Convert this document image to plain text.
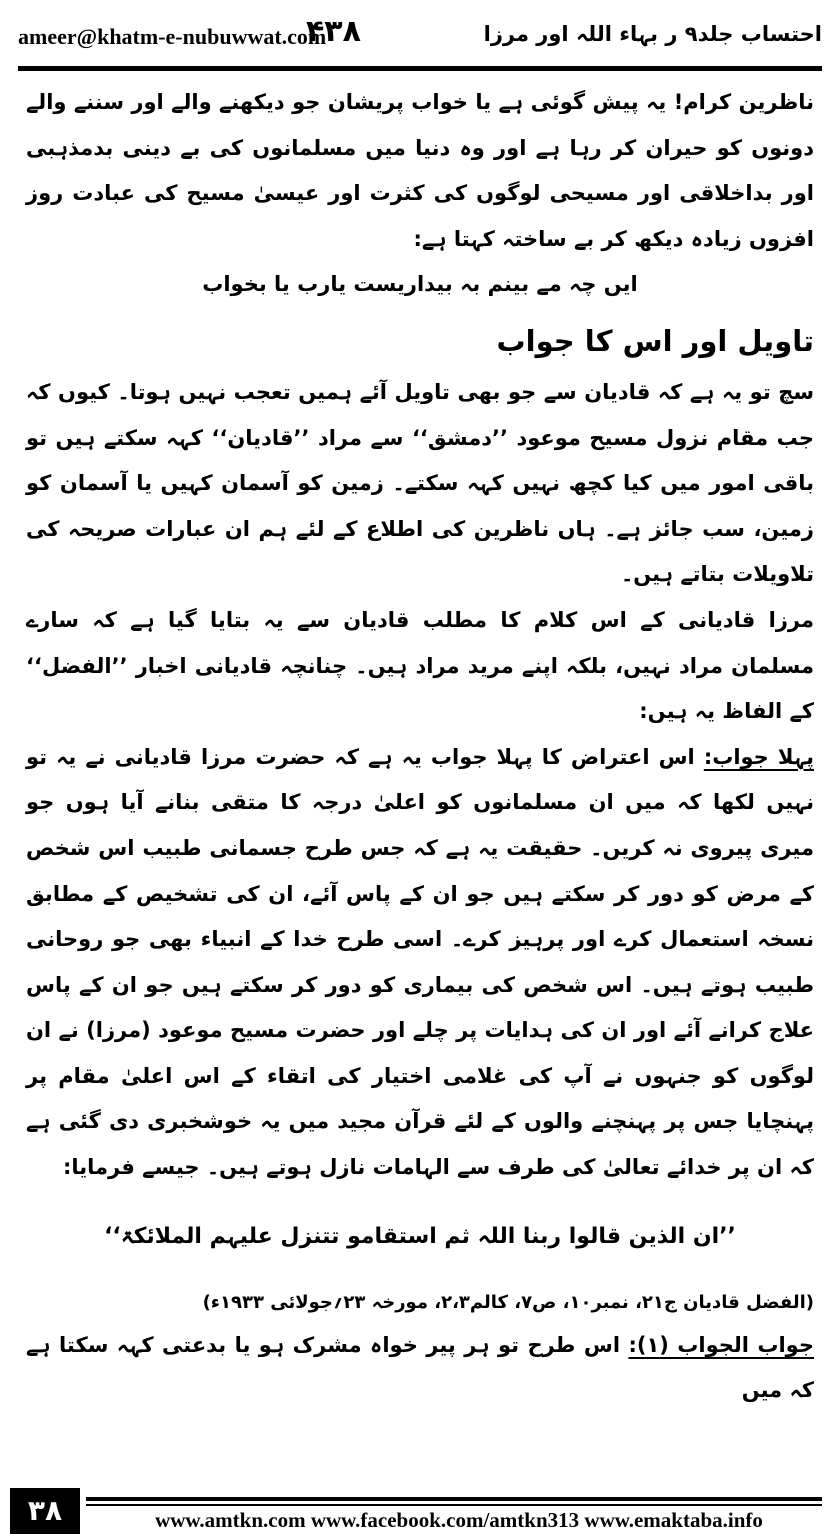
ameer@khatm-e-nubuwwat.com
۴۳۸	احتساب جلد۹ ر بہاء اللہ اور مرزا

ناظرین کرام! یہ پیش گوئی ہے یا خواب پریشان جو دیکھنے والے اور سننے والے دونوں کو حیران کر رہا ہے اور وہ دنیا میں مسلمانوں کی بے دینی بدمذہبی اور بداخلاقی اور مسیحی لوگوں کی کثرت اور عیسیٰ مسیح کی عبادت روز افزوں زیادہ دیکھ کر بے ساختہ کہتا ہے:

ایں چہ مے بینم بہ بیداریست یارب یا بخواب

تاویل اور اس کا جواب

سچ تو یہ ہے کہ قادیان سے جو بھی تاویل آئے ہمیں تعجب نہیں ہوتا۔ کیوں کہ جب مقام نزول مسیح موعود ’’دمشق‘‘ سے مراد ’’قادیان‘‘ کہہ سکتے ہیں تو باقی امور میں کیا کچھ نہیں کہہ سکتے۔ زمین کو آسمان کہیں یا آسمان کو زمین، سب جائز ہے۔ ہاں ناظرین کی اطلاع کے لئے ہم ان عبارات صریحہ کی تلاویلات بتاتے ہیں۔

مرزا قادیانی کے اس کلام کا مطلب قادیان سے یہ بتایا گیا ہے کہ سارے مسلمان مراد نہیں، بلکہ اپنے مرید مراد ہیں۔ چنانچہ قادیانی اخبار ’’الفضل‘‘ کے الفاظ یہ ہیں:

پہلا جواب: اس اعتراض کا پہلا جواب یہ ہے کہ حضرت مرزا قادیانی نے یہ تو نہیں لکھا کہ میں ان مسلمانوں کو اعلیٰ درجہ کا متقی بنانے آیا ہوں جو میری پیروی نہ کریں۔ حقیقت یہ ہے کہ جس طرح جسمانی طبیب اس شخص کے مرض کو دور کر سکتے ہیں جو ان کے پاس آئے، ان کی تشخیص کے مطابق نسخہ استعمال کرے اور پرہیز کرے۔ اسی طرح خدا کے انبیاء بھی جو روحانی طبیب ہوتے ہیں۔ اس شخص کی بیماری کو دور کر سکتے ہیں جو ان کے پاس علاج کرانے آئے اور ان کی ہدایات پر چلے اور حضرت مسیح موعود (مرزا) نے ان لوگوں کو جنہوں نے آپ کی غلامی اختیار کی اتقاء کے اس اعلیٰ مقام پر پہنچایا جس پر پہنچنے والوں کے لئے قرآن مجید میں یہ خوشخبری دی گئی ہے کہ ان پر خدائے تعالیٰ کی طرف سے الہامات نازل ہوتے ہیں۔ جیسے فرمایا:

’’ان الذین قالوا ربنا اللہ ثم استقامو تتنزل علیہم الملائکۃ‘‘

(الفضل قادیان ج۲۱، نمبر۱۰، ص۷، کالم۲،۳، مورخہ ۲۳؍جولائی ۱۹۳۳ء)

جواب الجواب (۱): اس طرح تو ہر پیر خواہ مشرک ہو یا بدعتی کہہ سکتا ہے کہ میں

۳۸	www.amtkn.com www.facebook.com/amtkn313 www.emaktaba.info
